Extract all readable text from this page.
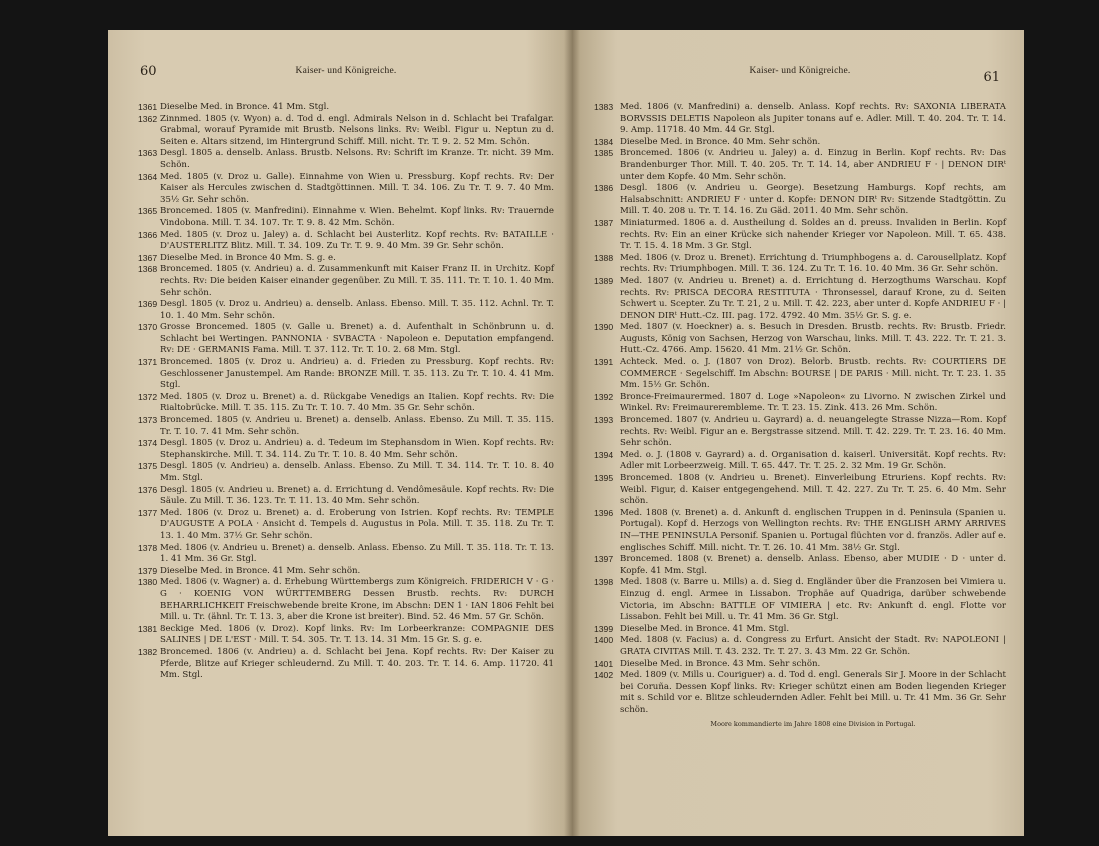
60	Kaiser- und Königreiche.

1361 Dieselbe Med. in Bronce. 41 Mm. Stgl.

1362 Zinnmed. 1805 (v. Wyon) a. d. Tod d. engl. Admirals Nelson in d. Schlacht bei Trafalgar. Grabmal, worauf Pyramide mit Brustb. Nelsons links. Rv: Weibl. Figur u. Neptun zu d. Seiten e. Altars sitzend, im Hintergrund Schiff. Mill. nicht. Tr. T. 9. 2. 52 Mm. Schön.

1363 Desgl. 1805 a. denselb. Anlass. Brustb. Nelsons. Rv: Schrift im Kranze. Tr. nicht. 39 Mm. Schön.

1364 Med. 1805 (v. Droz u. Galle). Einnahme von Wien u. Pressburg. Kopf rechts. Rv: Der Kaiser als Hercules zwischen d. Stadtgöttinnen. Mill. T. 34. 106. Zu Tr. T. 9. 7. 40 Mm. 35½ Gr. Sehr schön.

1365 Broncemed. 1805 (v. Manfredini). Einnahme v. Wien. Behelmt. Kopf links. Rv: Trauernde Vindobona. Mill. T. 34. 107. Tr. T. 9. 8. 42 Mm. Schön.

1366 Med. 1805 (v. Droz u. Jaley) a. d. Schlacht bei Austerlitz. Kopf rechts. Rv: BATAILLE · D'AUSTERLITZ Blitz. Mill. T. 34. 109. Zu Tr. T. 9. 9. 40 Mm. 39 Gr. Sehr schön.

1367 Dieselbe Med. in Bronce 40 Mm. S. g. e.

1368 Broncemed. 1805 (v. Andrieu) a. d. Zusammenkunft mit Kaiser Franz II. in Urchitz. Kopf rechts. Rv: Die beiden Kaiser einander gegenüber. Zu Mill. T. 35. 111. Tr. T. 10. 1. 40 Mm. Sehr schön.

1369 Desgl. 1805 (v. Droz u. Andrieu) a. denselb. Anlass. Ebenso. Mill. T. 35. 112. Achnl. Tr. T. 10. 1. 40 Mm. Sehr schön.

1370 Grosse Broncemed. 1805 (v. Galle u. Brenet) a. d. Aufenthalt in Schönbrunn u. d. Schlacht bei Wertingen. PANNONIA · SVBACTA · Napoleon e. Deputation empfangend. Rv: DE · GERMANIS Fama. Mill. T. 37. 112. Tr. T. 10. 2. 68 Mm. Stgl.

1371 Broncemed. 1805 (v. Droz u. Andrieu) a. d. Frieden zu Pressburg. Kopf rechts. Rv: Geschlossener Janustempel. Am Rande: BRONZE Mill. T. 35. 113. Zu Tr. T. 10. 4. 41 Mm. Stgl.

1372 Med. 1805 (v. Droz u. Brenet) a. d. Rückgabe Venedigs an Italien. Kopf rechts. Rv: Die Rialtobrücke. Mill. T. 35. 115. Zu Tr. T. 10. 7. 40 Mm. 35 Gr. Sehr schön.

1373 Broncemed. 1805 (v. Andrieu u. Brenet) a. denselb. Anlass. Ebenso. Zu Mill. T. 35. 115. Tr. T. 10. 7. 41 Mm. Sehr schön.

1374 Desgl. 1805 (v. Droz u. Andrieu) a. d. Tedeum im Stephansdom in Wien. Kopf rechts. Rv: Stephanskirche. Mill. T. 34. 114. Zu Tr. T. 10. 8. 40 Mm. Sehr schön.

1375 Desgl. 1805 (v. Andrieu) a. denselb. Anlass. Ebenso. Zu Mill. T. 34. 114. Tr. T. 10. 8. 40 Mm. Stgl.

1376 Desgl. 1805 (v. Andrieu u. Brenet) a. d. Errichtung d. Vendômesäule. Kopf rechts. Rv: Die Säule. Zu Mill. T. 36. 123. Tr. T. 11. 13. 40 Mm. Sehr schön.

1377 Med. 1806 (v. Droz u. Brenet) a. d. Eroberung von Istrien. Kopf rechts. Rv: TEMPLE D'AUGUSTE A POLA · Ansicht d. Tempels d. Augustus in Pola. Mill. T. 35. 118. Zu Tr. T. 13. 1. 40 Mm. 37½ Gr. Sehr schön.

1378 Med. 1806 (v. Andrieu u. Brenet) a. denselb. Anlass. Ebenso. Zu Mill. T. 35. 118. Tr. T. 13. 1. 41 Mm. 36 Gr. Stgl.

1379 Dieselbe Med. in Bronce. 41 Mm. Sehr schön.

1380 Med. 1806 (v. Wagner) a. d. Erhebung Württembergs zum Königreich. FRIDERICH V · G · G · KOENIG VON WÜRTTEMBERG Dessen Brustb. rechts. Rv: DURCH BEHARRLICHKEIT Freischwebende breite Krone, im Abschn: DEN 1 · IAN 1806 Fehlt bei Mill. u. Tr. (ähnl. Tr. T. 13. 3, aber die Krone ist breiter). Bind. 52. 46 Mm. 57 Gr. Schön.

1381 8eckige Med. 1806 (v. Droz). Kopf links. Rv: Im Lorbeerkranze: COMPAGNIE DES SALINES | DE L'EST · Mill. T. 54. 305. Tr. T. 13. 14. 31 Mm. 15 Gr. S. g. e.

1382 Broncemed. 1806 (v. Andrieu) a. d. Schlacht bei Jena. Kopf rechts. Rv: Der Kaiser zu Pferde, Blitze auf Krieger schleudernd. Zu Mill. T. 40. 203. Tr. T. 14. 6. Amp. 11720. 41 Mm. Stgl.

Kaiser- und Königreiche.	61

1383 Med. 1806 (v. Manfredini) a. denselb. Anlass. Kopf rechts. Rv: SAXONIA LIBERATA BORVSSIS DELETIS Napoleon als Jupiter tonans auf e. Adler. Mill. T. 40. 204. Tr. T. 14. 9. Amp. 11718. 40 Mm. 44 Gr. Stgl.

1384 Dieselbe Med. in Bronce. 40 Mm. Sehr schön.

1385 Broncemed. 1806 (v. Andrieu u. Jaley) a. d. Einzug in Berlin. Kopf rechts. Rv: Das Brandenburger Thor. Mill. T. 40. 205. Tr. T. 14. 14, aber ANDRIEU F · | DENON DIRᵗ unter dem Kopfe. 40 Mm. Sehr schön.

1386 Desgl. 1806 (v. Andrieu u. George). Besetzung Hamburgs. Kopf rechts, am Halsabschnitt: ANDRIEU F · unter d. Kopfe: DENON DIRᵗ Rv: Sitzende Stadtgöttin. Zu Mill. T. 40. 208 u. Tr. T. 14. 16. Zu Gäd. 2011. 40 Mm. Sehr schön.

1387 Miniaturmed. 1806 a. d. Austheilung d. Soldes an d. preuss. Invaliden in Berlin. Kopf rechts. Rv: Ein an einer Krücke sich nahender Krieger vor Napoleon. Mill. T. 65. 438. Tr. T. 15. 4. 18 Mm. 3 Gr. Stgl.

1388 Med. 1806 (v. Droz u. Brenet). Errichtung d. Triumphbogens a. d. Carousellplatz. Kopf rechts. Rv: Triumphbogen. Mill. T. 36. 124. Zu Tr. T. 16. 10. 40 Mm. 36 Gr. Sehr schön.

1389 Med. 1807 (v. Andrieu u. Brenet) a. d. Errichtung d. Herzogthums Warschau. Kopf rechts. Rv: PRISCA DECORA RESTITUTA · Thronsessel, darauf Krone, zu d. Seiten Schwert u. Scepter. Zu Tr. T. 21, 2 u. Mill. T. 42. 223, aber unter d. Kopfe ANDRIEU F · | DENON DIRᵗ Hutt.-Cz. III. pag. 172. 4792. 40 Mm. 35½ Gr. S. g. e.

1390 Med. 1807 (v. Hoeckner) a. s. Besuch in Dresden. Brustb. rechts. Rv: Brustb. Friedr. Augusts, König von Sachsen, Herzog von Warschau, links. Mill. T. 43. 222. Tr. T. 21. 3. Hutt.-Cz. 4766. Amp. 15620. 41 Mm. 21½ Gr. Schön.

1391 Achteck. Med. o. J. (1807 von Droz). Belorb. Brustb. rechts. Rv: COURTIERS DE COMMERCE · Segelschiff. Im Abschn: BOURSE | DE PARIS · Mill. nicht. Tr. T. 23. 1. 35 Mm. 15½ Gr. Schön.

1392 Bronce-Freimaurermed. 1807 d. Loge »Napoleon« zu Livorno. N zwischen Zirkel und Winkel. Rv: Freimaurerembleme. Tr. T. 23. 15. Zink. 413. 26 Mm. Schön.

1393 Broncemed. 1807 (v. Andrieu u. Gayrard) a. d. neuangelegte Strasse Nizza—Rom. Kopf rechts. Rv: Weibl. Figur an e. Bergstrasse sitzend. Mill. T. 42. 229. Tr. T. 23. 16. 40 Mm. Sehr schön.

1394 Med. o. J. (1808 v. Gayrard) a. d. Organisation d. kaiserl. Universität. Kopf rechts. Rv: Adler mit Lorbeerzweig. Mill. T. 65. 447. Tr. T. 25. 2. 32 Mm. 19 Gr. Schön.

1395 Broncemed. 1808 (v. Andrieu u. Brenet). Einverleibung Etruriens. Kopf rechts. Rv: Weibl. Figur, d. Kaiser entgegengehend. Mill. T. 42. 227. Zu Tr. T. 25. 6. 40 Mm. Sehr schön.

1396 Med. 1808 (v. Brenet) a. d. Ankunft d. englischen Truppen in d. Peninsula (Spanien u. Portugal). Kopf d. Herzogs von Wellington rechts. Rv: THE ENGLISH ARMY ARRIVES IN—THE PENINSULA Personif. Spanien u. Portugal flüchten vor d. französ. Adler auf e. englisches Schiff. Mill. nicht. Tr. T. 26. 10. 41 Mm. 38½ Gr. Stgl.

1397 Broncemed. 1808 (v. Brenet) a. denselb. Anlass. Ebenso, aber MUDIE · D · unter d. Kopfe. 41 Mm. Stgl.

1398 Med. 1808 (v. Barre u. Mills) a. d. Sieg d. Engländer über die Franzosen bei Vimiera u. Einzug d. engl. Armee in Lissabon. Trophäe auf Quadriga, darüber schwebende Victoria, im Abschn: BATTLE OF VIMIERA | etc. Rv: Ankunft d. engl. Flotte vor Lissabon. Fehlt bei Mill. u. Tr. 41 Mm. 36 Gr. Stgl.

1399 Dieselbe Med. in Bronce. 41 Mm. Stgl.

1400 Med. 1808 (v. Facius) a. d. Congress zu Erfurt. Ansicht der Stadt. Rv: NAPOLEONI | GRATA CIVITAS Mill. T. 43. 232. Tr. T. 27. 3. 43 Mm. 22 Gr. Schön.

1401 Dieselbe Med. in Bronce. 43 Mm. Sehr schön.

1402 Med. 1809 (v. Mills u. Couriguer) a. d. Tod d. engl. Generals Sir J. Moore in der Schlacht bei Coruña. Dessen Kopf links. Rv: Krieger schützt einen am Boden liegenden Krieger mit s. Schild vor e. Blitze schleudernden Adler. Fehlt bei Mill. u. Tr. 41 Mm. 36 Gr. Sehr schön.

Moore kommandierte im Jahre 1808 eine Division in Portugal.
